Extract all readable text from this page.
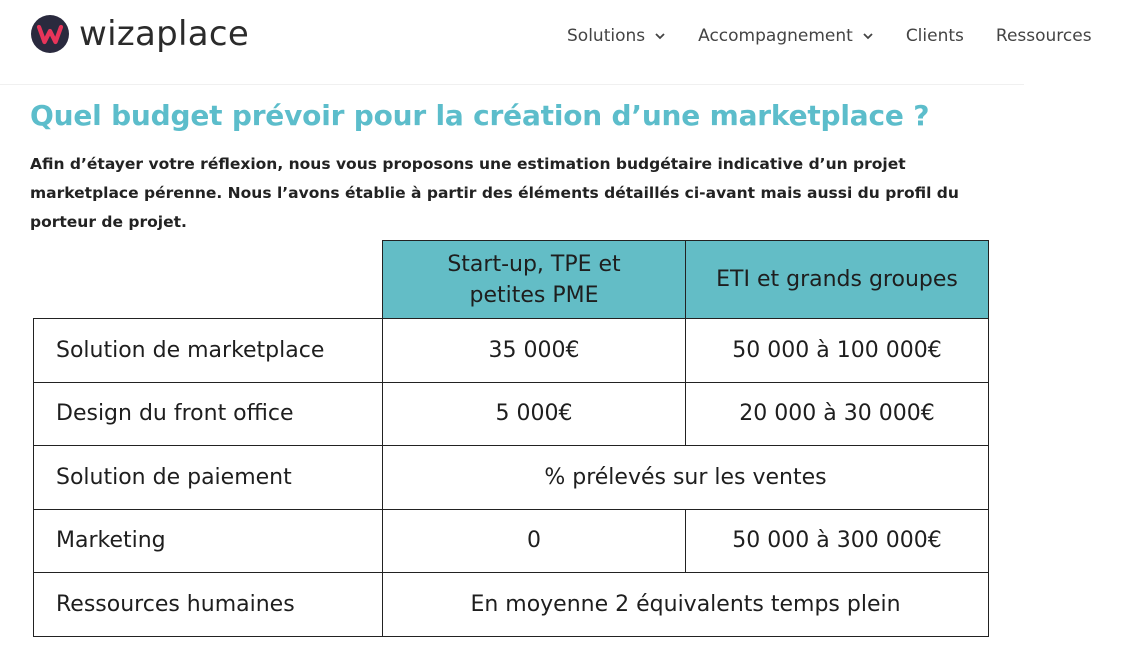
wizaplace	Solutions	Accompagnement	Clients Ressources
Quel budget prévoir pour la création d’une marketplace ?

Afin d’étayer votre réflexion, nous vous proposons une estimation budgétaire indicative d’un projet marketplace pérenne. Nous l’avons établie à partir des éléments détaillés ci-avant mais aussi du profil du porteur de projet.

	Start-up, TPE et petites PME	ETI et grands groupes
Solution de marketplace	35 000€	50 000 à 100 000€
Design du front office	5 000€	20 000 à 30 000€
Solution de paiement	% prélevés sur les ventes	
Marketing	0	50 000 à 300 000€
Ressources humaines	En moyenne 2 équivalents temps plein	
